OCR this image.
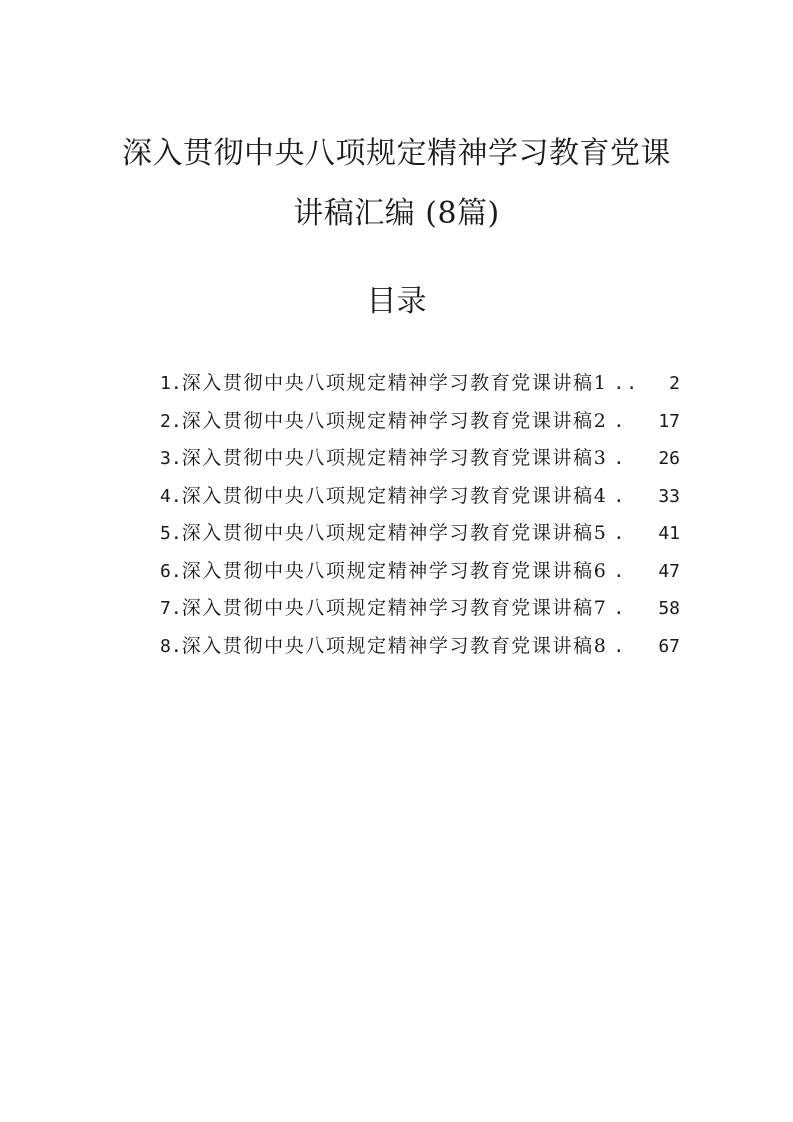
深入贯彻中央八项规定精神学习教育党课
讲稿汇编 (8篇)
目录
1. 深入贯彻中央八项规定精神学习教育党课讲稿1 ..	2
2. 深入贯彻中央八项规定精神学习教育党课讲稿2 .	17
3. 深入贯彻中央八项规定精神学习教育党课讲稿3 .	26
4. 深入贯彻中央八项规定精神学习教育党课讲稿4 .	33
5. 深入贯彻中央八项规定精神学习教育党课讲稿5 .	41
6. 深入贯彻中央八项规定精神学习教育党课讲稿6 .	47
7. 深入贯彻中央八项规定精神学习教育党课讲稿7 .	58
8. 深入贯彻中央八项规定精神学习教育党课讲稿8 .	67
